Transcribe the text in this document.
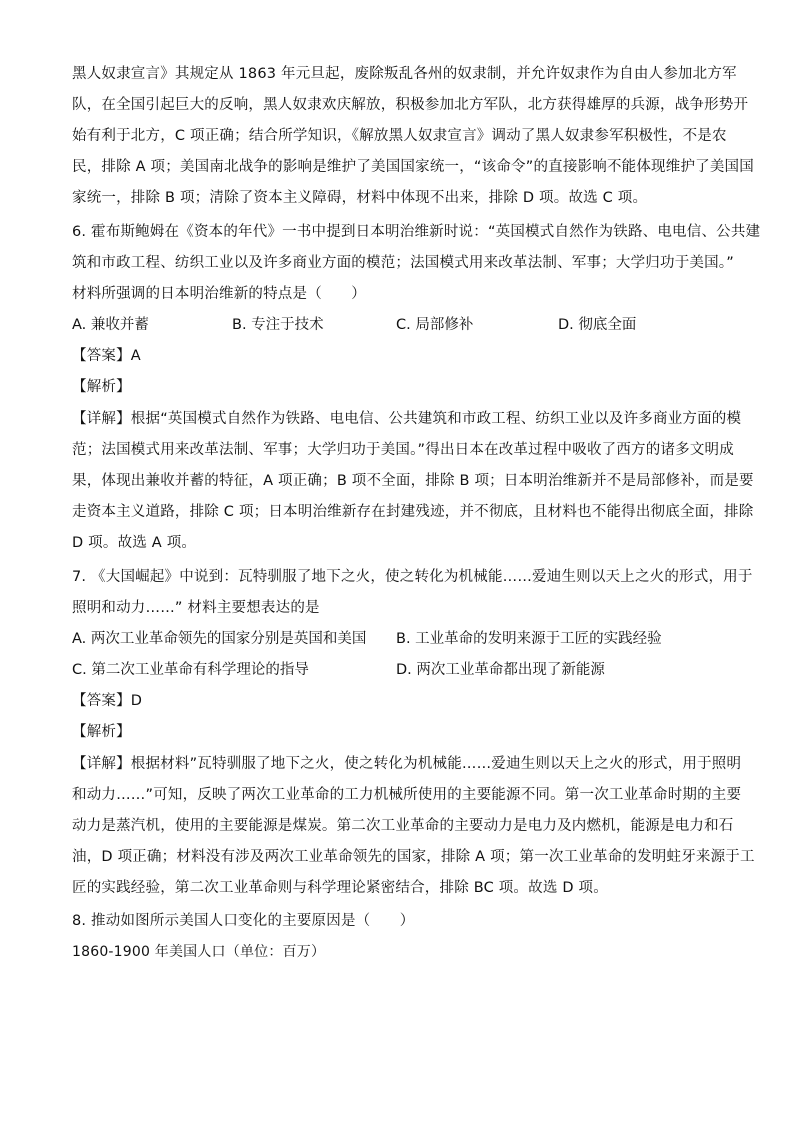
黑人奴隶宣言》其规定从 1863 年元旦起，废除叛乱各州的奴隶制，并允许奴隶作为自由人参加北方军
队，在全国引起巨大的反响，黑人奴隶欢庆解放，积极参加北方军队，北方获得雄厚的兵源，战争形势开
始有利于北方，C 项正确；结合所学知识，《解放黑人奴隶宣言》调动了黑人奴隶参军积极性，不是农
民，排除 A 项；美国南北战争的影响是维护了美国国家统一，“该命令”的直接影响不能体现维护了美国国
家统一，排除 B 项；清除了资本主义障碍，材料中体现不出来，排除 D 项。故选 C 项。
6. 霍布斯鲍姆在《资本的年代》一书中提到日本明治维新时说：“英国模式自然作为铁路、电电信、公共建
筑和市政工程、纺织工业以及许多商业方面的模范；法国模式用来改革法制、军事；大学归功于美国。”
材料所强调的日本明治维新的特点是（　　）
A. 兼收并蓄	B. 专注于技术	C. 局部修补	D. 彻底全面
【答案】A
【解析】
【详解】根据“英国模式自然作为铁路、电电信、公共建筑和市政工程、纺织工业以及许多商业方面的模
范；法国模式用来改革法制、军事；大学归功于美国。”得出日本在改革过程中吸收了西方的诸多文明成
果，体现出兼收并蓄的特征，A 项正确；B 项不全面，排除 B 项；日本明治维新并不是局部修补，而是要
走资本主义道路，排除 C 项；日本明治维新存在封建残迹，并不彻底，且材料也不能得出彻底全面，排除
D 项。故选 A 项。
7. 《大国崛起》中说到：瓦特驯服了地下之火，使之转化为机械能……爱迪生则以天上之火的形式，用于
照明和动力……” 材料主要想表达的是
A. 两次工业革命领先的国家分别是英国和美国 B. 工业革命的发明来源于工匠的实践经验
C. 第二次工业革命有科学理论的指导	D. 两次工业革命都出现了新能源
【答案】D
【解析】
【详解】根据材料”瓦特驯服了地下之火，使之转化为机械能……爱迪生则以天上之火的形式，用于照明
和动力……”可知，反映了两次工业革命的工力机械所使用的主要能源不同。第一次工业革命时期的主要
动力是蒸汽机，使用的主要能源是煤炭。第二次工业革命的主要动力是电力及内燃机，能源是电力和石
油，D 项正确；材料没有涉及两次工业革命领先的国家，排除 A 项；第一次工业革命的发明蛀牙来源于工
匠的实践经验，第二次工业革命则与科学理论紧密结合，排除 BC 项。故选 D 项。
8. 推动如图所示美国人口变化的主要原因是（　　）
1860-1900 年美国人口（单位：百万）
